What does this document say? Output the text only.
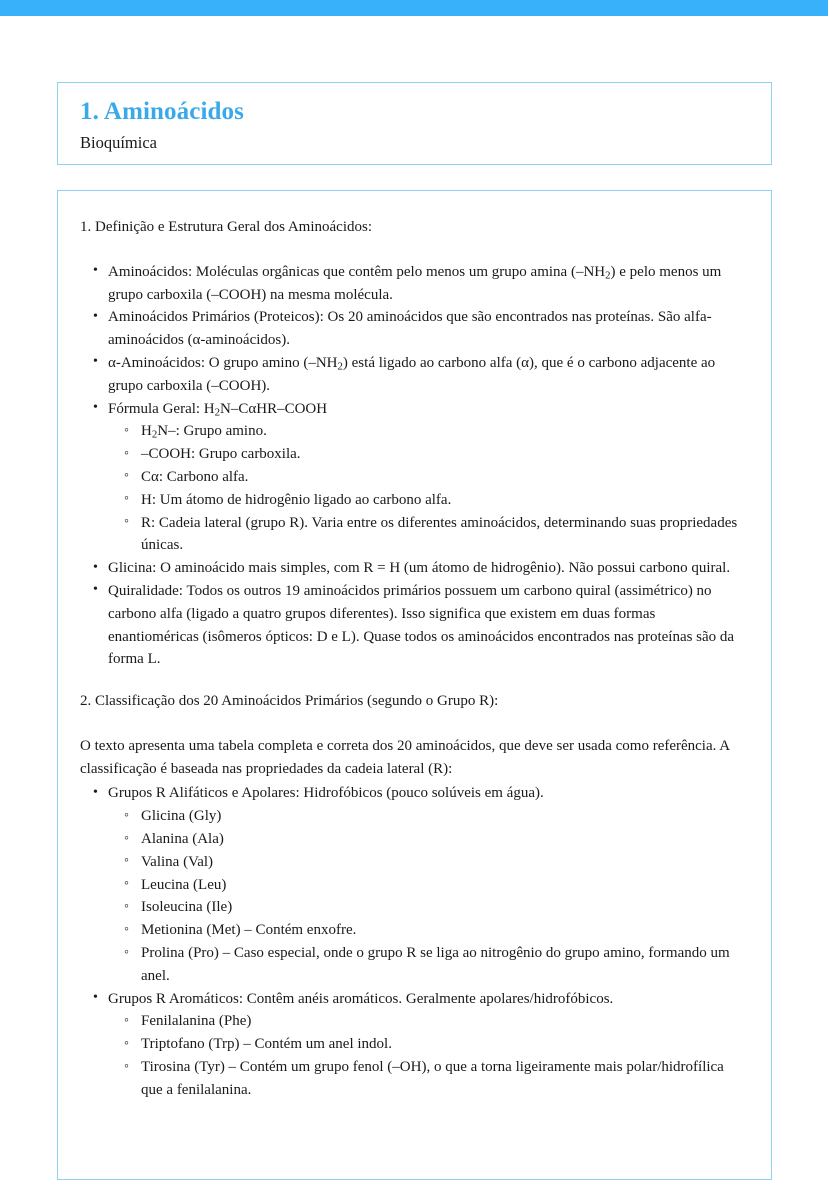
1. Aminoácidos
Bioquímica

1. Definição e Estrutura Geral dos Aminoácidos:

• Aminoácidos: Moléculas orgânicas que contêm pelo menos um grupo amina $(-NH_2)$ e pelo menos um grupo carboxila (–COOH) na mesma molécula.
• Aminoácidos Primários (Proteicos): Os 20 aminoácidos que são encontrados nas proteínas. São alfa-aminoácidos (α-aminoácidos).
• α-Aminoácidos: O grupo amino $(-NH_2)$ está ligado ao carbono alfa (α), que é o carbono adjacente ao grupo carboxila (–COOH).
• Fórmula Geral: $H_2N-C\alpha HR$–COOH
◦ $H_2N-$: Grupo amino.
◦ –COOH: Grupo carboxila.
◦ Cα: Carbono alfa.
◦ H: Um átomo de hidrogênio ligado ao carbono alfa.
◦ R: Cadeia lateral (grupo R). Varia entre os diferentes aminoácidos, determinando suas propriedades únicas.
• Glicina: O aminoácido mais simples, com R = H (um átomo de hidrogênio). Não possui carbono quiral.
• Quiralidade: Todos os outros 19 aminoácidos primários possuem um carbono quiral (assimétrico) no carbono alfa (ligado a quatro grupos diferentes). Isso significa que existem em duas formas enantioméricas (isômeros ópticos: D e L). Quase todos os aminoácidos encontrados nas proteínas são da forma L.

2. Classificação dos 20 Aminoácidos Primários (segundo o Grupo R):

O texto apresenta uma tabela completa e correta dos 20 aminoácidos, que deve ser usada como referência. A classificação é baseada nas propriedades da cadeia lateral (R):

• Grupos R Alifáticos e Apolares: Hidrofóbicos (pouco solúveis em água).
◦ Glicina (Gly)
◦ Alanina (Ala)
◦ Valina (Val)
◦ Leucina (Leu)
◦ Isoleucina (Ile)
◦ Metionina (Met) – Contém enxofre.
◦ Prolina (Pro) – Caso especial, onde o grupo R se liga ao nitrogênio do grupo amino, formando um anel.
• Grupos R Aromáticos: Contêm anéis aromáticos. Geralmente apolares/hidrofóbicos.
◦ Fenilalanina (Phe)
◦ Triptofano (Trp) – Contém um anel indol.
◦ Tirosina (Tyr) – Contém um grupo fenol (–OH), o que a torna ligeiramente mais polar/hidrofílica que a fenilalanina.
